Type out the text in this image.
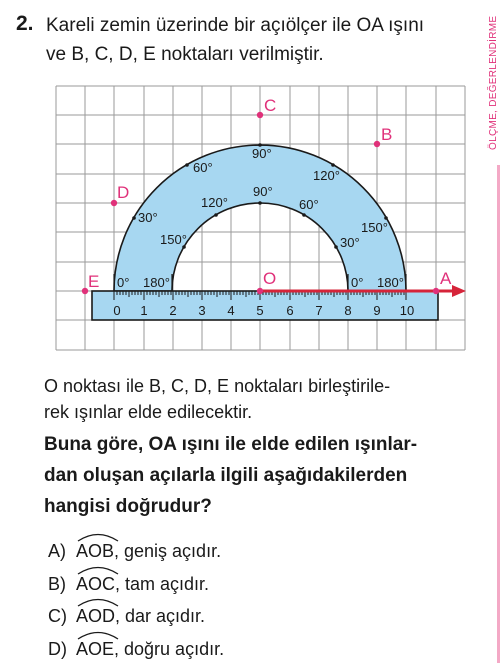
2. Kareli zemin üzerinde bir açıölçer ile OA ışını
ve B, C, D, E noktaları verilmiştir.
0 1 2 3 4 5 6 7 8 9 10
30°
60°
90°
120°
150°
120°
90°
60°
30°
150°
0° 180°	0° 180°
O	A
B
C
D
E
O noktası ile B, C, D, E noktaları birleştirile-
rek ışınlar elde edilecektir.
Buna göre, OA ışını ile elde edilen ışınlar-
dan oluşan açılarla ilgili aşağıdakilerden
hangisi doğrudur?
A) AOB , geniş açıdır.
B) AOC , tam açıdır.
C) AOD , dar açıdır.
D) AOE , doğru açıdır.
ÖLÇME, DEĞERLENDİRME
